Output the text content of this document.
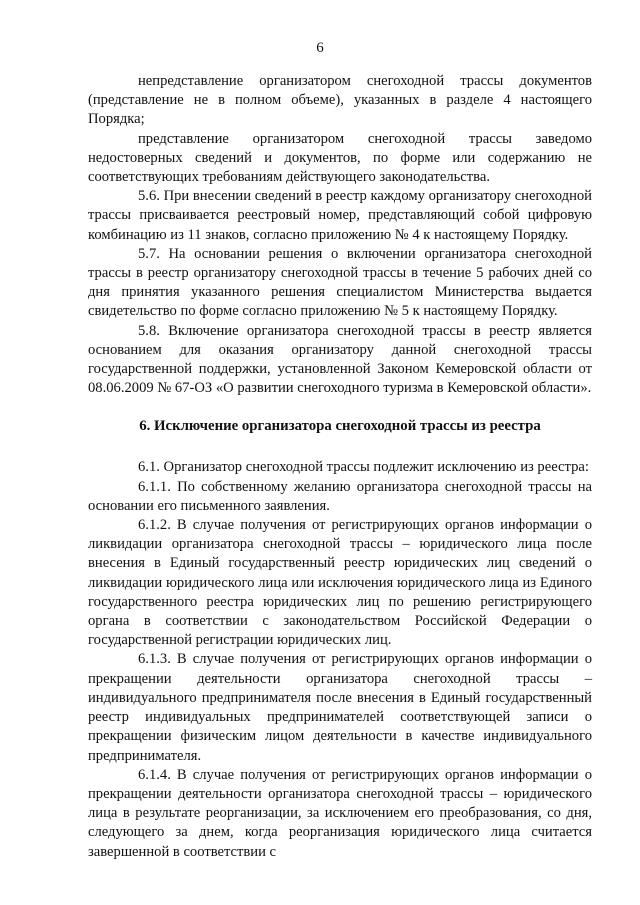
6

непредставление организатором снегоходной трассы документов (представление не в полном объеме), указанных в разделе 4 настоящего Порядка;

представление организатором снегоходной трассы заведомо недостоверных сведений и документов, по форме или содержанию не соответствующих требованиям действующего законодательства.

5.6. При внесении сведений в реестр каждому организатору снегоходной трассы присваивается реестровый номер, представляющий собой цифровую комбинацию из 11 знаков, согласно приложению № 4 к настоящему Порядку.

5.7. На основании решения о включении организатора снегоходной трассы в реестр организатору снегоходной трассы в течение 5 рабочих дней со дня принятия указанного решения специалистом Министерства выдается свидетельство по форме согласно приложению № 5 к настоящему Порядку.

5.8. Включение организатора снегоходной трассы в реестр является основанием для оказания организатору данной снегоходной трассы государственной поддержки, установленной Законом Кемеровской области от 08.06.2009 № 67-ОЗ «О развитии снегоходного туризма в Кемеровской области».

6. Исключение организатора снегоходной трассы из реестра

6.1. Организатор снегоходной трассы подлежит исключению из реестра:

6.1.1. По собственному желанию организатора снегоходной трассы на основании его письменного заявления.

6.1.2. В случае получения от регистрирующих органов информации о ликвидации организатора снегоходной трассы – юридического лица после внесения в Единый государственный реестр юридических лиц сведений о ликвидации юридического лица или исключения юридического лица из Единого государственного реестра юридических лиц по решению регистрирующего органа в соответствии с законодательством Российской Федерации о государственной регистрации юридических лиц.

6.1.3. В случае получения от регистрирующих органов информации о прекращении деятельности организатора снегоходной трассы – индивидуального предпринимателя после внесения в Единый государственный реестр индивидуальных предпринимателей соответствующей записи о прекращении физическим лицом деятельности в качестве индивидуального предпринимателя.

6.1.4. В случае получения от регистрирующих органов информации о прекращении деятельности организатора снегоходной трассы – юридического лица в результате реорганизации, за исключением его преобразования, со дня, следующего за днем, когда реорганизация юридического лица считается завершенной в соответствии с
